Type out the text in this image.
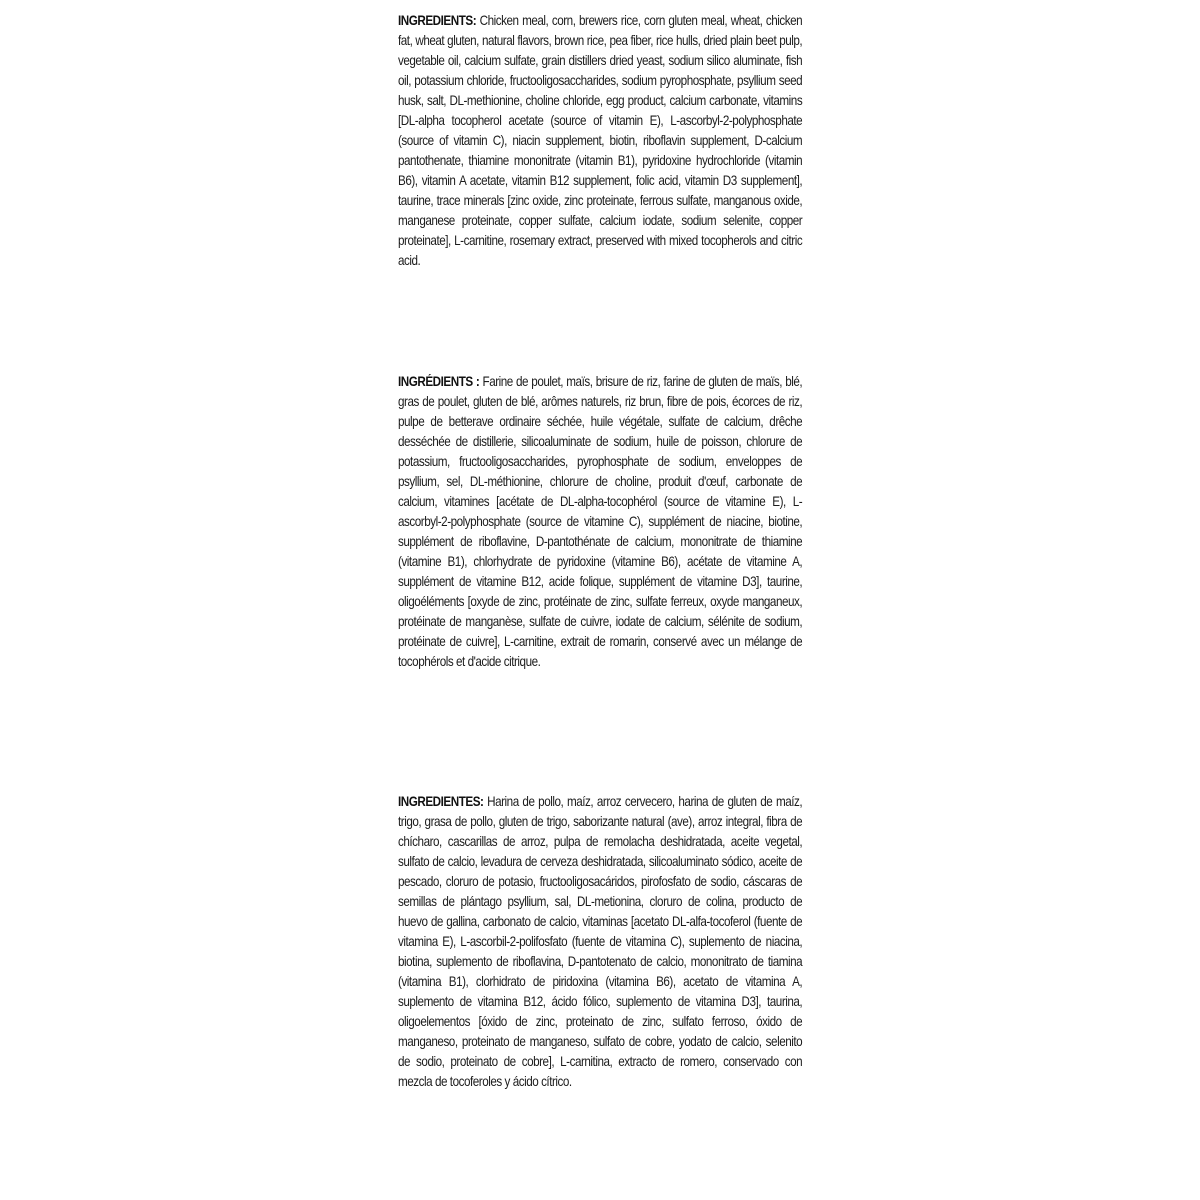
INGREDIENTS: Chicken meal, corn, brewers rice, corn gluten meal, wheat, chicken fat, wheat gluten, natural flavors, brown rice, pea fiber, rice hulls, dried plain beet pulp, vegetable oil, calcium sulfate, grain distillers dried yeast, sodium silico aluminate, fish oil, potassium chloride, fructooligosaccharides, sodium pyrophosphate, psyllium seed husk, salt, DL-methionine, choline chloride, egg product, calcium carbonate, vitamins [DL-alpha tocopherol acetate (source of vitamin E), L-ascorbyl-2-polyphosphate (source of vitamin C), niacin supplement, biotin, riboflavin supplement, D-calcium pantothenate, thiamine mononitrate (vitamin B1), pyridoxine hydrochloride (vitamin B6), vitamin A acetate, vitamin B12 supplement, folic acid, vitamin D3 supplement], taurine, trace minerals [zinc oxide, zinc proteinate, ferrous sulfate, manganous oxide, manganese proteinate, copper sulfate, calcium iodate, sodium selenite, copper proteinate], L-carnitine, rosemary extract, preserved with mixed tocopherols and citric acid.

INGRÉDIENTS : Farine de poulet, maïs, brisure de riz, farine de gluten de maïs, blé, gras de poulet, gluten de blé, arômes naturels, riz brun, fibre de pois, écorces de riz, pulpe de betterave ordinaire séchée, huile végétale, sulfate de calcium, drêche desséchée de distillerie, silicoaluminate de sodium, huile de poisson, chlorure de potassium, fructooligosaccharides, pyrophosphate de sodium, enveloppes de psyllium, sel, DL-méthionine, chlorure de choline, produit d'œuf, carbonate de calcium, vitamines [acétate de DL-alpha-tocophérol (source de vitamine E), L-ascorbyl-2-polyphosphate (source de vitamine C), supplément de niacine, biotine, supplément de riboflavine, D-pantothénate de calcium, mononitrate de thiamine (vitamine B1), chlorhydrate de pyridoxine (vitamine B6), acétate de vitamine A, supplément de vitamine B12, acide folique, supplément de vitamine D3], taurine, oligoéléments [oxyde de zinc, protéinate de zinc, sulfate ferreux, oxyde manganeux, protéinate de manganèse, sulfate de cuivre, iodate de calcium, sélénite de sodium, protéinate de cuivre], L-carnitine, extrait de romarin, conservé avec un mélange de tocophérols et d'acide citrique.

INGREDIENTES: Harina de pollo, maíz, arroz cervecero, harina de gluten de maíz, trigo, grasa de pollo, gluten de trigo, saborizante natural (ave), arroz integral, fibra de chícharo, cascarillas de arroz, pulpa de remolacha deshidratada, aceite vegetal, sulfato de calcio, levadura de cerveza deshidratada, silicoaluminato sódico, aceite de pescado, cloruro de potasio, fructooligosacáridos, pirofosfato de sodio, cáscaras de semillas de plántago psyllium, sal, DL-metionina, cloruro de colina, producto de huevo de gallina, carbonato de calcio, vitaminas [acetato DL-alfa-tocoferol (fuente de vitamina E), L-ascorbil-2-polifosfato (fuente de vitamina C), suplemento de niacina, biotina, suplemento de riboflavina, D-pantotenato de calcio, mononitrato de tiamina (vitamina B1), clorhidrato de piridoxina (vitamina B6), acetato de vitamina A, suplemento de vitamina B12, ácido fólico, suplemento de vitamina D3], taurina, oligoelementos [óxido de zinc, proteinato de zinc, sulfato ferroso, óxido de manganeso, proteinato de manganeso, sulfato de cobre, yodato de calcio, selenito de sodio, proteinato de cobre], L-carnitina, extracto de romero, conservado con mezcla de tocoferoles y ácido cítrico.
